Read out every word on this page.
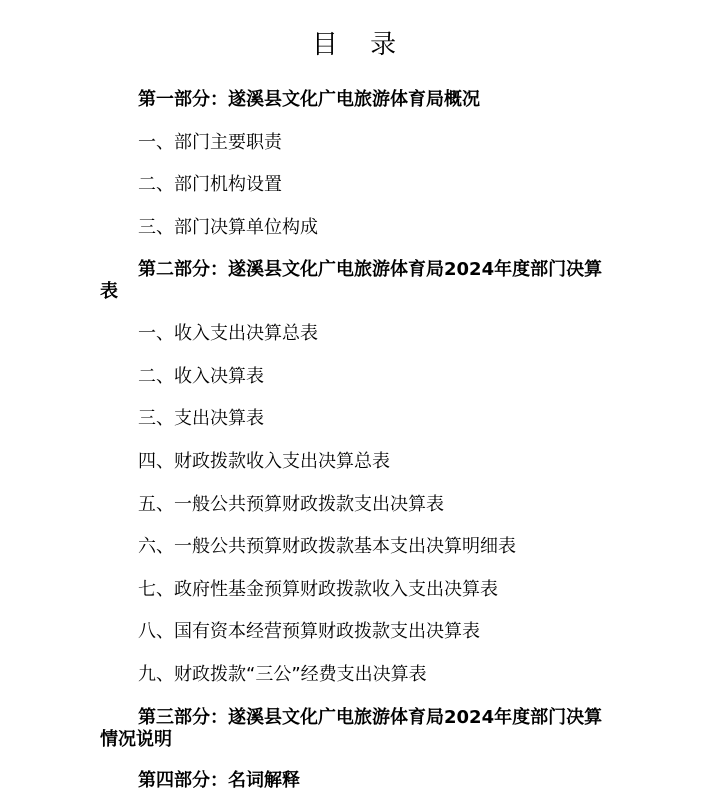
目 录
第一部分：遂溪县文化广电旅游体育局概况
一、部门主要职责
二、部门机构设置
三、部门决算单位构成
第二部分：遂溪县文化广电旅游体育局2024年度部门决算表
一、收入支出决算总表
二、收入决算表
三、支出决算表
四、财政拨款收入支出决算总表
五、一般公共预算财政拨款支出决算表
六、一般公共预算财政拨款基本支出决算明细表
七、政府性基金预算财政拨款收入支出决算表
八、国有资本经营预算财政拨款支出决算表
九、财政拨款“三公”经费支出决算表
第三部分：遂溪县文化广电旅游体育局2024年度部门决算情况说明
第四部分：名词解释
